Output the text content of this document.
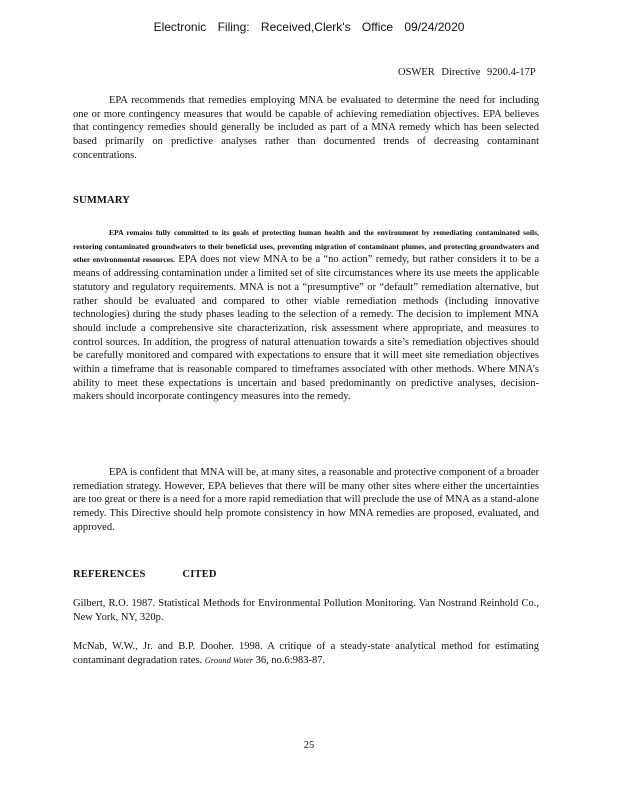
Electronic Filing: Received,Clerk's Office 09/24/2020
OSWER Directive 9200.4-17P

EPA recommends that remedies employing MNA be evaluated to determine the need for including one or more contingency measures that would be capable of achieving remediation objectives. EPA believes that contingency remedies should generally be included as part of a MNA remedy which has been selected based primarily on predictive analyses rather than documented trends of decreasing contaminant concentrations.

SUMMARY

EPA remains fully committed to its goals of protecting human health and the environment by remediating contaminated soils, restoring contaminated groundwaters to their beneficial uses, preventing migration of contaminant plumes, and protecting groundwaters and other environmental resources. EPA does not view MNA to be a “no action” remedy, but rather considers it to be a means of addressing contamination under a limited set of site circumstances where its use meets the applicable statutory and regulatory requirements. MNA is not a “presumptive” or “default” remediation alternative, but rather should be evaluated and compared to other viable remediation methods (including innovative technologies) during the study phases leading to the selection of a remedy. The decision to implement MNA should include a comprehensive site characterization, risk assessment where appropriate, and measures to control sources. In addition, the progress of natural attenuation towards a site’s remediation objectives should be carefully monitored and compared with expectations to ensure that it will meet site remediation objectives within a timeframe that is reasonable compared to timeframes associated with other methods. Where MNA’s ability to meet these expectations is uncertain and based predominantly on predictive analyses, decision-makers should incorporate contingency measures into the remedy.

EPA is confident that MNA will be, at many sites, a reasonable and protective component of a broader remediation strategy. However, EPA believes that there will be many other sites where either the uncertainties are too great or there is a need for a more rapid remediation that will preclude the use of MNA as a stand-alone remedy. This Directive should help promote consistency in how MNA remedies are proposed, evaluated, and approved.

REFERENCES CITED

Gilbert, R.O. 1987. Statistical Methods for Environmental Pollution Monitoring. Van Nostrand Reinhold Co., New York, NY, 320p.

McNab, W.W., Jr. and B.P. Dooher. 1998. A critique of a steady-state analytical method for estimating contaminant degradation rates. Ground Water 36, no.6:983-87.

25
